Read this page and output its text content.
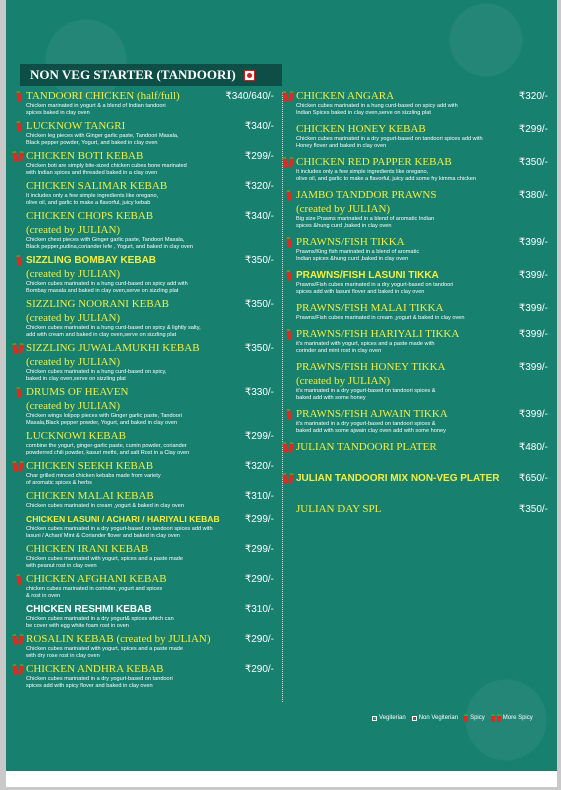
NON VEG STARTER (TANDOORI)
TANDOORI CHICKEN (half/full)	₹340/640/-
Chicken marinated in yogurt & a blend of Indian tandoori
spices baked in clay oven
LUCKNOW TANGRI	₹340/-
Chicken leg pieces with Ginger garlic paste, Tandoori Masala,
Black pepper powder, Yogurt, and baked in clay oven
CHICKEN BOTI KEBAB	₹299/-
Chicken boti are simply bite-sized chicken cubes bone marinated
with Indian spices and threaded baked in a clay oven
CHICKEN SALIMAR KEBAB	₹320/-
It includes only a few simple ingredients like oregano,
olive oil, and garlic to make a flavorful, juicy kebab
CHICKEN CHOPS KEBAB	₹340/-
(created by JULIAN)
Chicken chest pieces with Ginger garlic paste, Tandoori Masala,
Black pepper,pudina,coriander lefe , Yogurt, and baked in clay oven
SIZZLING BOMBAY KEBAB	₹350/-
(created by JULIAN)
Chicken cubes marinated in a hung curd-based on spicy add with
Bombay masala and baked in clay oven,serve on sizzling plat
SIZZLING NOORANI KEBAB	₹350/-
(created by JULIAN)
Chicken cubes marinated in a hung curd-based on spicy & lightly salty,
add with cream and baked in clay oven,serve on sizzling plat
SIZZLING JUWALAMUKHI KEBAB	₹350/-
(created by JULIAN)
Chicken cubes marinated in a hung curd-based on spicy,
baked in clay oven,serve on sizzling plat
DRUMS OF HEAVEN	₹330/-
(created by JULIAN)
Chicken wings lolipop pieces with Ginger garlic paste, Tandoori
Masala,Black pepper powder, Yogurt, and baked in clay oven
LUCKNOWI KEBAB	₹299/-
combine the yogurt, ginger-garlic paste, cumin powder, coriander
powderred chili powder, kasuri methi, and salt Rost in a Clay oven
CHICKEN SEEKH KEBAB	₹320/-
Char grilled minced chicken kebabs made from variety
of aromatic spices & herbs
CHICKEN MALAI KEBAB	₹310/-
Chicken cubes marinated in cream ,yogurt & baked in clay oven
CHICKEN LASUNI / ACHARI / HARIYALI KEBAB	₹299/-
Chicken cubes marinated in a dry yogurt-based on tandoori spices add with
lasuni / Achari/ Mint & Coriander flover and baked in clay oven
CHICKEN IRANI KEBAB	₹299/-
Chicken cubes marinated with yogurt, spices and a paste made
with peanut rost in clay oven
CHICKEN AFGHANI KEBAB	₹290/-
chicken cubes marinated in corinder, yogurt and spices
& rost in oven
CHICKEN RESHMI KEBAB	₹310/-
Chicken cubes marinated in a dry yogurt& spices which can
be cover with egg white foam rost in oven
ROSALIN KEBAB (created by JULIAN)	₹290/-
Chicken cubes marinated with yogurt, spices and a paste made
with dry rose rost in clay oven
CHICKEN ANDHRA KEBAB	₹290/-
Chicken cubes marinated in a dry yogurt-based on tandoori
spices add with spicy flover and baked in clay oven
CHICKEN ANGARA	₹320/-
Chicken cubes marinated in a hung curd-based on spicy add with
Indian Spices baked in clay oven,serve on sizzling plat
CHICKEN HONEY KEBAB	₹299/-
Chicken cubes marinated in a dry yogurt-based on tandoori spices add with
Honey flover and baked in clay oven
CHICKEN RED PAPPER KEBAB	₹350/-
It includes only a few simple ingredients like oregano,
olive oil, and garlic to make a flavorful, juicy add some fry kimma chicken
JAMBO TANDDOR PRAWNS	₹380/-
(created by JULIAN)
Big size Prawns marinated in a blend of aromatic Indian
spices &hung curd ,baked in clay oven
PRAWNS/FISH TIKKA	₹399/-
Prawns/King fish marinated in a blend of aromatic
Indian spices &hung curd ,baked in clay oven
PRAWNS/FISH LASUNI TIKKA	₹399/-
Prawns/Fish cubes marinated in a dry yogurt-based on tandoori
spices add with lasuni flover and baked in clay oven
PRAWNS/FISH MALAI TIKKA	₹399/-
Prawns/Fish cubes marinated in cream ,yogurt & baked in clay oven
PRAWNS/FISH HARIYALI TIKKA	₹399/-
it's marinated with yogurt, spices and a paste made with
corinder and mint rost in clay oven
PRAWNS/FISH HONEY TIKKA	₹399/-
(created by JULIAN)
it's marinated in a dry yogurt-based on tandoori spices &
baked add with some honey
PRAWNS/FISH AJWAIN TIKKA	₹399/-
it's marinated in a dry yogurt-based on tandoori spices &
baked add with some ajwain clay oven add with some honey
JULIAN TANDOORI PLATER	₹480/-
JULIAN TANDOORI MIX NON-VEG PLATER	₹650/-
JULIAN DAY SPL	₹350/-
Vegiterian Non Vegiterian Spicy	More Spicy
